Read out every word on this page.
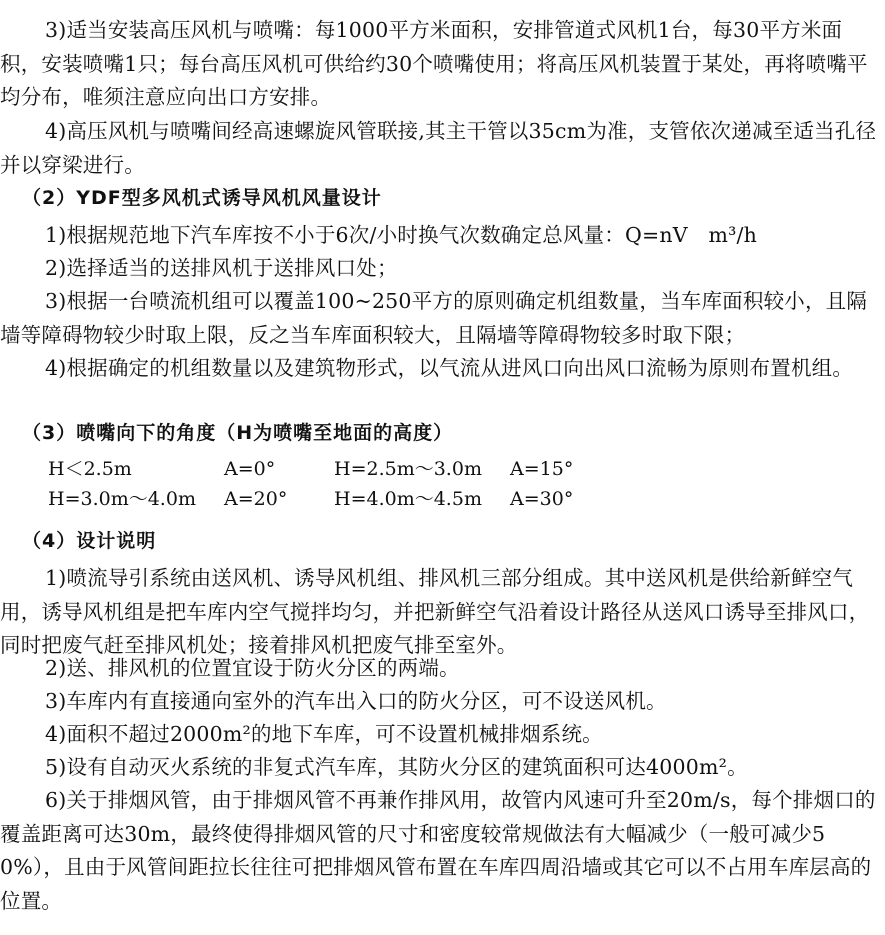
3)适当安装高压风机与喷嘴：每1000平方米面积，安排管道式风机1台，每30平方米面积，安装喷嘴1只；每台高压风机可供给约30个喷嘴使用；将高压风机装置于某处，再将喷嘴平均分布，唯须注意应向出口方安排。

4)高压风机与喷嘴间经高速螺旋风管联接,其主干管以35cm为准，支管依次递减至适当孔径并以穿梁进行。

（2）YDF型多风机式诱导风机风量设计

1)根据规范地下汽车库按不小于6次/小时换气次数确定总风量：Q=nV　m³/h

2)选择适当的送排风机于送排风口处；

3)根据一台喷流机组可以覆盖100~250平方的原则确定机组数量，当车库面积较小，且隔墙等障碍物较少时取上限，反之当车库面积较大，且隔墙等障碍物较多时取下限；

4)根据确定的机组数量以及建筑物形式，以气流从进风口向出风口流畅为原则布置机组。

（3）喷嘴向下的角度（H为喷嘴至地面的高度）
H＜2.5m	A=0°	H=2.5m～3.0m A=15°
H=3.0m～4.0m A=20° H=4.0m～4.5m A=30°
（4）设计说明

1)喷流导引系统由送风机、诱导风机组、排风机三部分组成。其中送风机是供给新鲜空气用，诱导风机组是把车库内空气搅拌均匀，并把新鲜空气沿着设计路径从送风口诱导至排风口，同时把废气赶至排风机处；接着排风机把废气排至室外。

2)送、排风机的位置宜设于防火分区的两端。

3)车库内有直接通向室外的汽车出入口的防火分区，可不设送风机。

4)面积不超过2000m²的地下车库，可不设置机械排烟系统。

5)设有自动灭火系统的非复式汽车库，其防火分区的建筑面积可达4000m²。

6)关于排烟风管，由于排烟风管不再兼作排风用，故管内风速可升至20m/s，每个排烟口的覆盖距离可达30m，最终使得排烟风管的尺寸和密度较常规做法有大幅减少（一般可减少50%），且由于风管间距拉长往往可把排烟风管布置在车库四周沿墙或其它可以不占用车库层高的位置。
